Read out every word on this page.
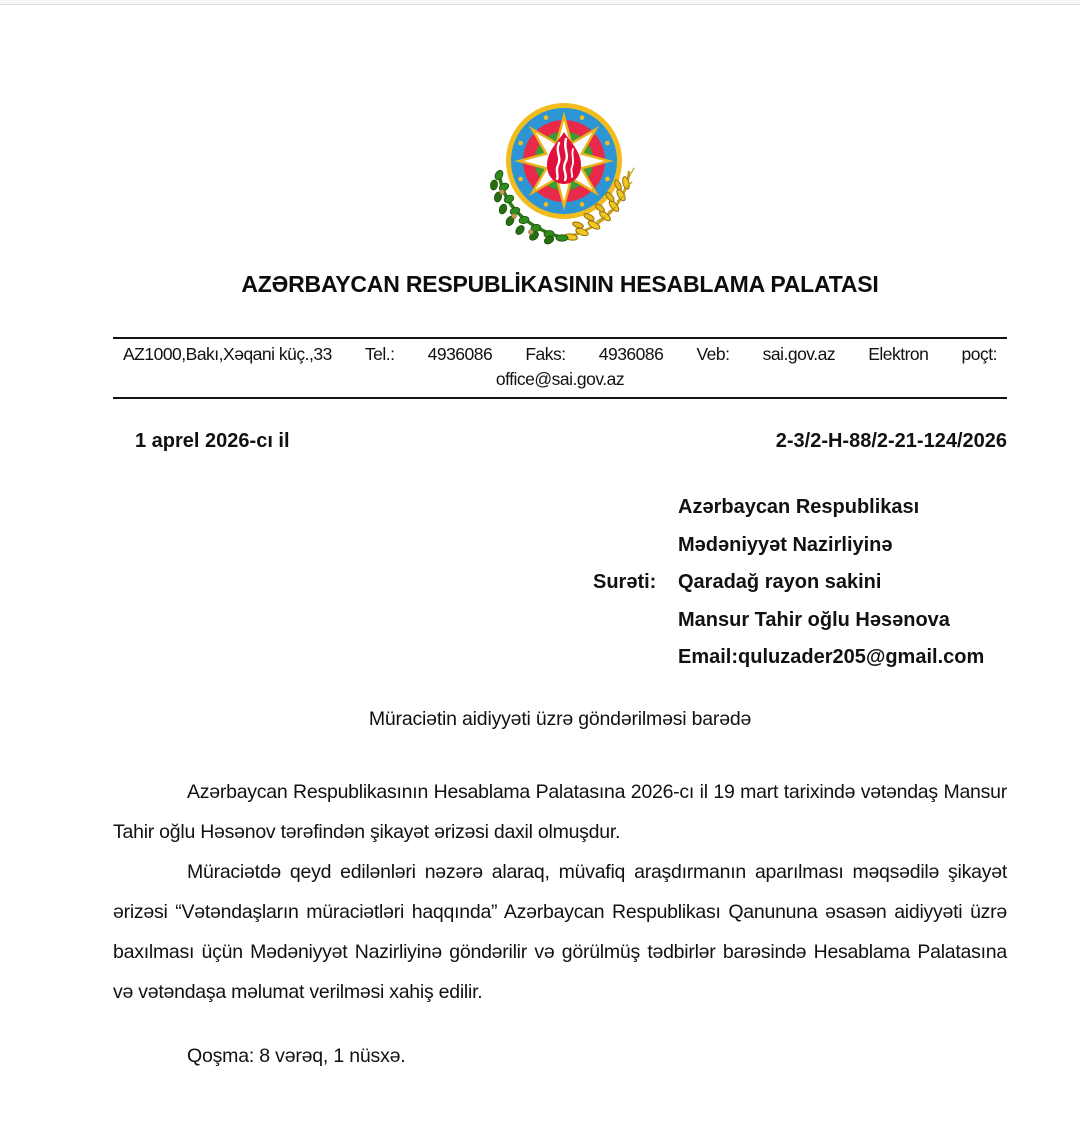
AZƏRBAYCAN RESPUBLİKASININ HESABLAMA PALATASI
AZ1000,Bakı,Xəqani küç.,33 Tel.: 4936086 Faks: 4936086 Veb: sai.gov.az Elektron poçt:
office@sai.gov.az
1 aprel 2026-cı il	2-3/2-H-88/2-21-124/2026
Azərbaycan Respublikası
Mədəniyyət Nazirliyinə
Surəti:	Qaradağ rayon sakini
Mansur Tahir oğlu Həsənova
Email:quluzader205@gmail.com
Müraciətin aidiyyəti üzrə göndərilməsi barədə

Azərbaycan Respublikasının Hesablama Palatasına 2026-cı il 19 mart tarixində vətəndaş Mansur Tahir oğlu Həsənov tərəfindən şikayət ərizəsi daxil olmuşdur.

Müraciətdə qeyd edilənləri nəzərə alaraq, müvafiq araşdırmanın aparılması məqsədilə şikayət ərizəsi “Vətəndaşların müraciətləri haqqında” Azərbaycan Respublikası Qanununa əsasən aidiyyəti üzrə baxılması üçün Mədəniyyət Nazirliyinə göndərilir və görülmüş tədbirlər barəsində Hesablama Palatasına və vətəndaşa məlumat verilməsi xahiş edilir.

Qoşma: 8 vərəq, 1 nüsxə.
